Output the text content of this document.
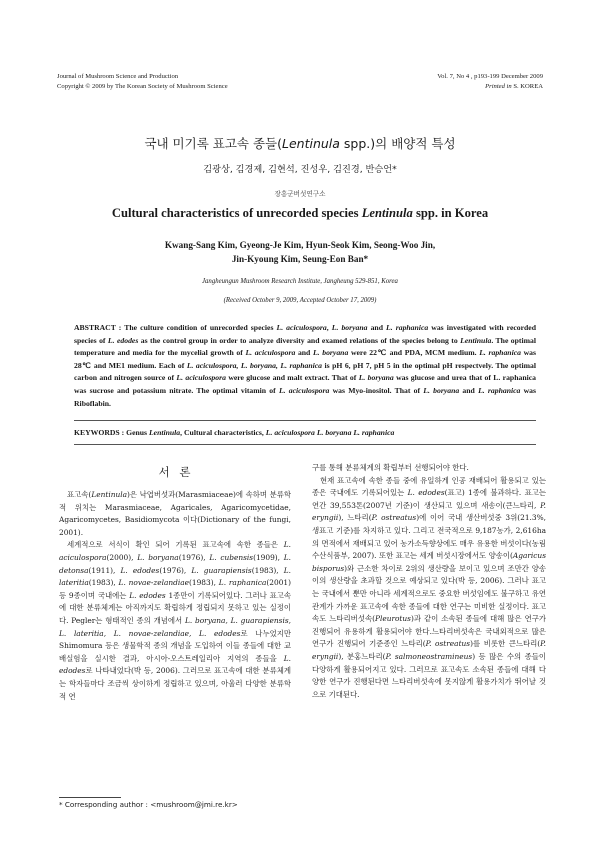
Journal of Mushroom Science and Production
Copyright © 2009 by The Korean Society of Mushroom Science
Vol. 7, No 4 , p193-199 December 2009
Printed in S. KOREA
국내 미기록 표고속 종들(Lentinula spp.)의 배양적 특성
김광상, 김경제, 김현석, 진성우, 김진경, 반승언*
장흥군버섯연구소
Cultural characteristics of unrecorded species Lentinula spp. in Korea
Kwang-Sang Kim, Gyeong-Je Kim, Hyun-Seok Kim, Seong-Woo Jin,
Jin-Kyoung Kim, Seung-Eon Ban*
Jangheungun Mushroom Research Institute, Jangheung 529-851, Korea
(Received October 9, 2009, Accepted October 17, 2009)
ABSTRACT : The culture condition of unrecorded species L. aciculospora, L. boryana and L. raphanica was investigated with recorded species of L. edodes as the control group in order to analyze diversity and examed relations of the species belong to Lentinula. The optimal temperature and media for the mycelial growth of L. aciculospora and L. boryana were 22℃ and PDA, MCM medium. L. raphanica was 28℃ and ME1 medium. Each of L. aciculospora, L. boryana, L. raphanica is pH 6, pH 7, pH 5 in the optimal pH respectvely. The optimal carbon and nitrogen source of L. aciculospora were glucose and malt extract. That of L. boryana was glucose and urea that of L. raphanica was sucrose and potassium nitrate. The optimal vitamin of L. aciculospora was Myo-inositol. That of L. boryana and L. raphanica was Riboflabin.
KEYWORDS : Genus Lentinula, Cultural characteristics, L. aciculospora L. boryana L. raphanica
서 론

표고속(Lentinula)은 낙엽버섯과(Marasmiaceae)에 속하며 분류학적 위치는 Marasmiaceae, Agaricales, Agaricomycetidae, Agaricomycetes, Basidiomycota 이다(Dictionary of the fungi, 2001).

세계적으로 서식이 확인 되어 기록된 표고속에 속한 종들은 L. aciculospora(2000), L. boryana(1976), L. cubensis(1909), L. detonsa(1911), L. edodes(1976), L. guarapiensis(1983), L. lateritia(1983), L. novae-zelandiae(1983), L. raphanica(2001) 등 9종이며 국내에는 L. edodes 1종만이 기록되어있다. 그러나 표고속에 대한 분류체계는 아직까지도 확립하게 정립되지 못하고 있는 실정이다. Pegler는 형태적인 종의 개념에서 L. boryana, L. guarapiensis, L. lateritia, L. novae-zelandiae, L. edodes로 나누었지만 Shimomura 등은 생물학적 종의 개념을 도입하여 이들 종들에 대한 교배실험을 실시한 결과, 아시아-오스트레일리아 지역의 종들을 L. edodes로 나타내었다(박 등, 2006). 그러므로 표고속에 대한 분류체계는 학자들마다 조금씩 상이하게 정립하고 있으며, 아울러 다양한 분류학적 연

구를 통해 분류체계의 확립부터 선행되어야 한다.

현재 표고속에 속한 종들 중에 유일하게 인공 재배되어 활용되고 있는 종은 국내에도 기록되어있는 L. edodes(표고) 1종에 불과하다. 표고는 연간 39,553톤(2007년 기준)이 생산되고 있으며 새송이(큰느타리, P. eryngii), 느타리(P. ostreatus)에 이어 국내 생산버섯중 3위(21.3%, 생표고 기준)를 차지하고 있다. 그리고 전국적으로 9,187농가, 2,616ha의 면적에서 재배되고 있어 농가소득향상에도 매우 유용한 버섯이다(농림수산식품부, 2007). 또한 표고는 세계 버섯시장에서도 양송이(Agaricus bisporus)와 근소한 차이로 2위의 생산량을 보이고 있으며 조만간 양송이의 생산량을 초과할 것으로 예상되고 있다(박 등, 2006). 그러나 표고는 국내에서 뿐만 아니라 세계적으로도 중요한 버섯임에도 불구하고 유연관계가 가까운 표고속에 속한 종들에 대한 연구는 미비한 실정이다. 표고속도 느타리버섯속(Pleurotus)과 같이 소속된 종들에 대해 많은 연구가 진행되어 유용하게 활용되어야 한다.느타리버섯속은 국내외적으로 많은 연구가 진행되어 기준종인 느타리(P. ostreatus)를 비롯한 큰느타리(P. eryngii), 분홍느타리(P. salmoneostramineus) 등 많은 수의 종들이 다양하게 활용되어지고 있다. 그러므로 표고속도 소속된 종들에 대해 다양한 연구가 진행된다면 느타리버섯속에 못지않게 활용가치가 뛰어날 것으로 기대된다.

* Corresponding author : <mushroom@jmi.re.kr>
